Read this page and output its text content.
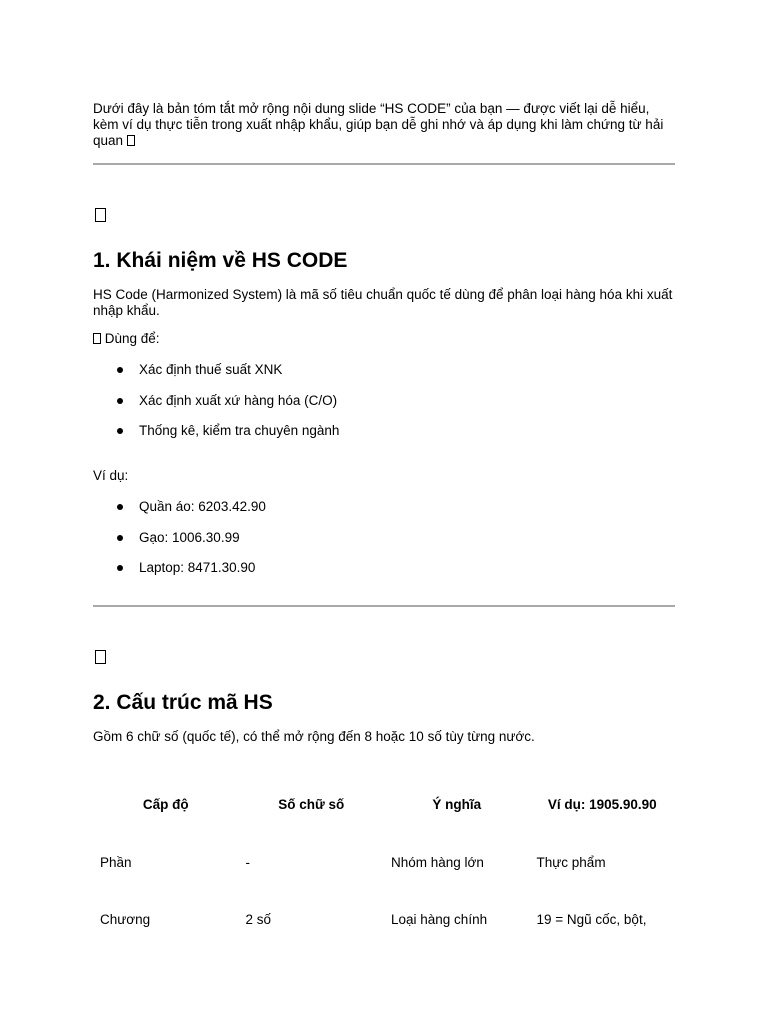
Dưới đây là bản tóm tắt mở rộng nội dung slide “HS CODE” của bạn — được viết lại dễ hiểu, kèm ví dụ thực tiễn trong xuất nhập khẩu, giúp bạn dễ ghi nhớ và áp dụng khi làm chứng từ hải quan
1. Khái niệm về HS CODE
HS Code (Harmonized System) là mã số tiêu chuẩn quốc tế dùng để phân loại hàng hóa khi xuất nhập khẩu.
Dùng để:
Xác định thuế suất XNK
Xác định xuất xứ hàng hóa (C/O)
Thống kê, kiểm tra chuyên ngành
Ví dụ:
Quần áo: 6203.42.90
Gạo: 1006.30.99
Laptop: 8471.30.90
2. Cấu trúc mã HS
Gồm 6 chữ số (quốc tế), có thể mở rộng đến 8 hoặc 10 số tùy từng nước.
Cấp độ	Số chữ số	Ý nghĩa	Ví dụ: 1905.90.90
Phần	-	Nhóm hàng lớn	Thực phẩm
Chương	2 số	Loại hàng chính	19 = Ngũ cốc, bột,
